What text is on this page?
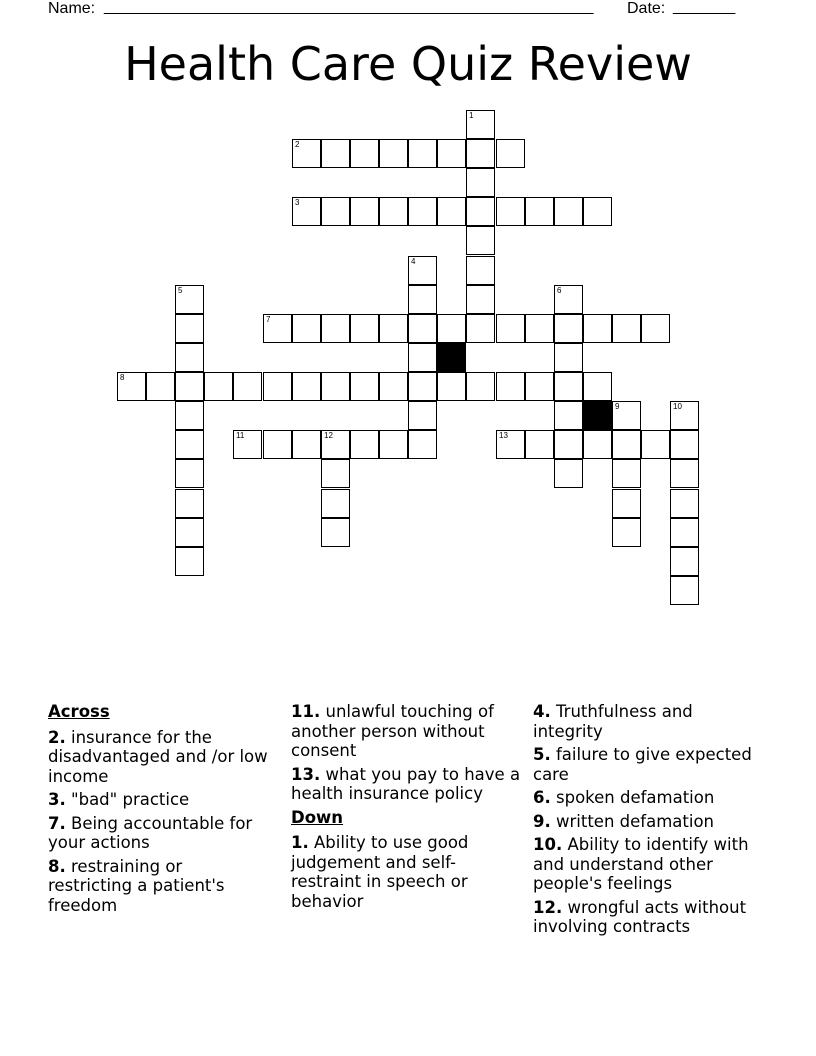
Name: _______________________________________________________ Date: _______
Health Care Quiz Review
2
3
7
8
11	12	13
1
4
5	6
9	10
Across
2. insurance for the disadvantaged and /or low income
3. "bad" practice
7. Being accountable for your actions
8. restraining or restricting a patient's freedom
11. unlawful touching of another person without consent
13. what you pay to have a health insurance policy
Down
1. Ability to use good judgement and self-restraint in speech or behavior
4. Truthfulness and integrity
5. failure to give expected care
6. spoken defamation
9. written defamation
10. Ability to identify with and understand other people's feelings
12. wrongful acts without involving contracts
